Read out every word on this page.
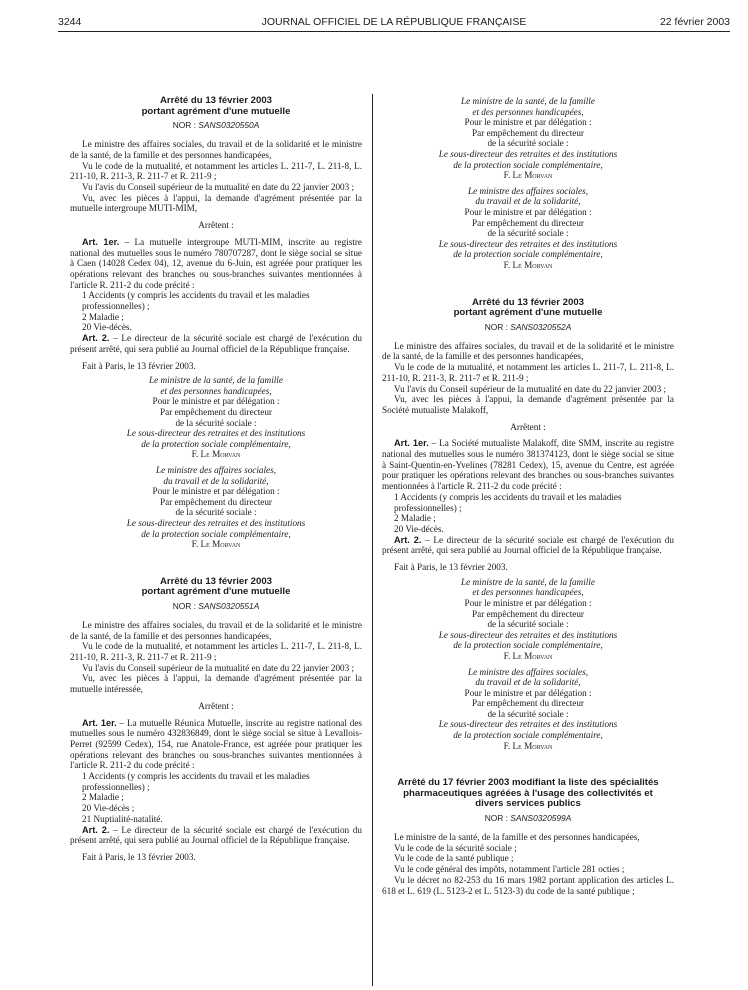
3244	JOURNAL OFFICIEL DE LA RÉPUBLIQUE FRANÇAISE	22 février 2003

Arrêté du 13 février 2003

portant agrément d'une mutuelle

NOR : SANS0320550A

Le ministre des affaires sociales, du travail et de la solidarité et le ministre de la santé, de la famille et des personnes handicapées,

Vu le code de la mutualité, et notamment les articles L. 211-7, L. 211-8, L. 211-10, R. 211-3, R. 211-7 et R. 211-9 ;

Vu l'avis du Conseil supérieur de la mutualité en date du 22 janvier 2003 ;

Vu, avec les pièces à l'appui, la demande d'agrément présentée par la mutuelle intergroupe MUTI-MIM,

Arrêtent :

Art. 1er. – La mutuelle intergroupe MUTI-MIM, inscrite au registre national des mutuelles sous le numéro 780707287, dont le siège social se situe à Caen (14028 Cedex 04), 12, avenue du 6-Juin, est agréée pour pratiquer les opérations relevant des branches ou sous-branches suivantes mentionnées à l'article R. 211-2 du code précité :

1 Accidents (y compris les accidents du travail et les maladies professionnelles) ;

2 Maladie ;

20 Vie-décès.

Art. 2. – Le directeur de la sécurité sociale est chargé de l'exécution du présent arrêté, qui sera publié au Journal officiel de la République française.

Fait à Paris, le 13 février 2003.

Le ministre de la santé, de la famille
et des personnes handicapées,
Pour le ministre et par délégation :
Par empêchement du directeur
de la sécurité sociale :
Le sous-directeur des retraites et des institutions
de la protection sociale complémentaire,
F. Le Morvan
Le ministre des affaires sociales,
du travail et de la solidarité,
Pour le ministre et par délégation :
Par empêchement du directeur
de la sécurité sociale :
Le sous-directeur des retraites et des institutions
de la protection sociale complémentaire,
F. Le Morvan

Arrêté du 13 février 2003

portant agrément d'une mutuelle

NOR : SANS0320551A

Le ministre des affaires sociales, du travail et de la solidarité et le ministre de la santé, de la famille et des personnes handicapées,

Vu le code de la mutualité, et notamment les articles L. 211-7, L. 211-8, L. 211-10, R. 211-3, R. 211-7 et R. 211-9 ;

Vu l'avis du Conseil supérieur de la mutualité en date du 22 janvier 2003 ;

Vu, avec les pièces à l'appui, la demande d'agrément présentée par la mutuelle intéressée,

Arrêtent :

Art. 1er. – La mutuelle Réunica Mutuelle, inscrite au registre national des mutuelles sous le numéro 432836849, dont le siège social se situe à Levallois-Perret (92599 Cedex), 154, rue Anatole-France, est agréée pour pratiquer les opérations relevant des branches ou sous-branches suivantes mentionnées à l'article R. 211-2 du code précité :

1 Accidents (y compris les accidents du travail et les maladies professionnelles) ;

2 Maladie ;

20 Vie-décès ;

21 Nuptialité-natalité.

Art. 2. – Le directeur de la sécurité sociale est chargé de l'exécution du présent arrêté, qui sera publié au Journal officiel de la République française.

Fait à Paris, le 13 février 2003.

Le ministre de la santé, de la famille
et des personnes handicapées,
Pour le ministre et par délégation :
Par empêchement du directeur
de la sécurité sociale :
Le sous-directeur des retraites et des institutions
de la protection sociale complémentaire,
F. Le Morvan
Le ministre des affaires sociales,
du travail et de la solidarité,
Pour le ministre et par délégation :
Par empêchement du directeur
de la sécurité sociale :
Le sous-directeur des retraites et des institutions
de la protection sociale complémentaire,
F. Le Morvan

Arrêté du 13 février 2003

portant agrément d'une mutuelle

NOR : SANS0320552A

Le ministre des affaires sociales, du travail et de la solidarité et le ministre de la santé, de la famille et des personnes handicapées,

Vu le code de la mutualité, et notamment les articles L. 211-7, L. 211-8, L. 211-10, R. 211-3, R. 211-7 et R. 211-9 ;

Vu l'avis du Conseil supérieur de la mutualité en date du 22 janvier 2003 ;

Vu, avec les pièces à l'appui, la demande d'agrément présentée par la Société mutualiste Malakoff,

Arrêtent :

Art. 1er. – La Société mutualiste Malakoff, dite SMM, inscrite au registre national des mutuelles sous le numéro 381374123, dont le siège social se situe à Saint-Quentin-en-Yvelines (78281 Cedex), 15, avenue du Centre, est agréée pour pratiquer les opérations relevant des branches ou sous-branches suivantes mentionnées à l'article R. 211-2 du code précité :

1 Accidents (y compris les accidents du travail et les maladies professionnelles) ;

2 Maladie ;

20 Vie-décès.

Art. 2. – Le directeur de la sécurité sociale est chargé de l'exécution du présent arrêté, qui sera publié au Journal officiel de la République française.

Fait à Paris, le 13 février 2003.

Le ministre de la santé, de la famille
et des personnes handicapées,
Pour le ministre et par délégation :
Par empêchement du directeur
de la sécurité sociale :
Le sous-directeur des retraites et des institutions
de la protection sociale complémentaire,
F. Le Morvan
Le ministre des affaires sociales,
du travail et de la solidarité,
Pour le ministre et par délégation :
Par empêchement du directeur
de la sécurité sociale :
Le sous-directeur des retraites et des institutions
de la protection sociale complémentaire,
F. Le Morvan

Arrêté du 17 février 2003 modifiant la liste des spécialités

pharmaceutiques agréées à l'usage des collectivités et

divers services publics

NOR : SANS0320599A

Le ministre de la santé, de la famille et des personnes handicapées,

Vu le code de la sécurité sociale ;

Vu le code de la santé publique ;

Vu le code général des impôts, notamment l'article 281 octies ;

Vu le décret no 82-253 du 16 mars 1982 portant application des articles L. 618 et L. 619 (L. 5123-2 et L. 5123-3) du code de la santé publique ;
